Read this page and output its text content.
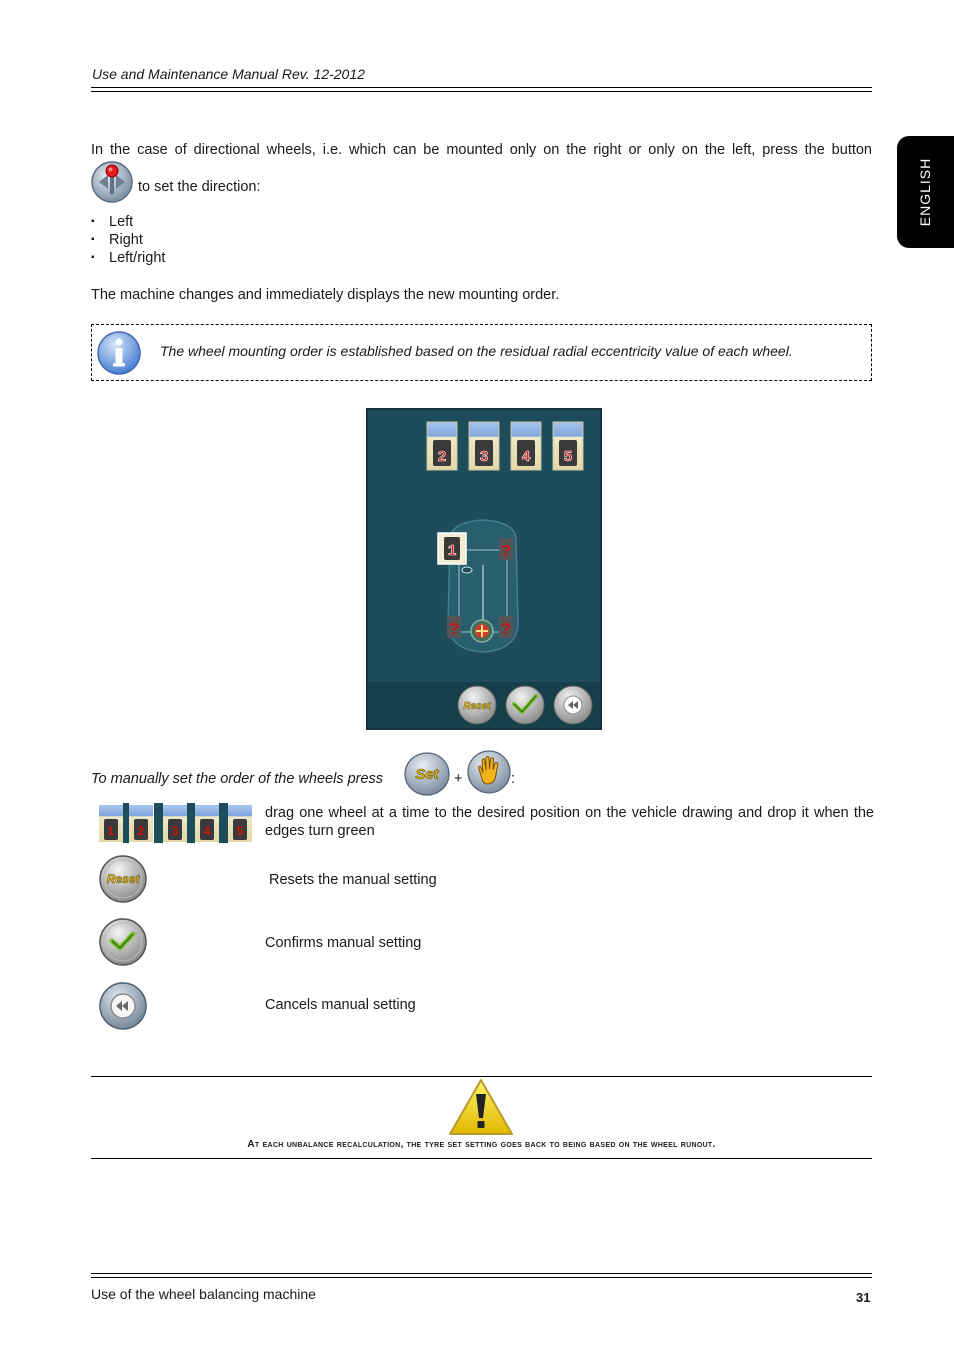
Use and Maintenance Manual Rev. 12-2012
ENGLISH
In the case of directional wheels, i.e. which can be mounted only on the right or only on the left, press the button
to set the direction:
▪ Left
▪ Right
▪ Left/right
The machine changes and immediately displays the new mounting order.
The wheel mounting order is established based on the residual radial eccentricity value of each wheel.
2 3 4 5
1	?
?	?
Reset
To manually set the order of the wheels press Set +	:
1 2 3 4 5
drag one wheel at a time to the desired position on the vehicle drawing and drop it when the edges turn green
Reset	Resets the manual setting
Confirms manual setting
Cancels manual setting
At each unbalance recalculation, the tyre set setting goes back to being based on the wheel runout.
Use of the wheel balancing machine	31
